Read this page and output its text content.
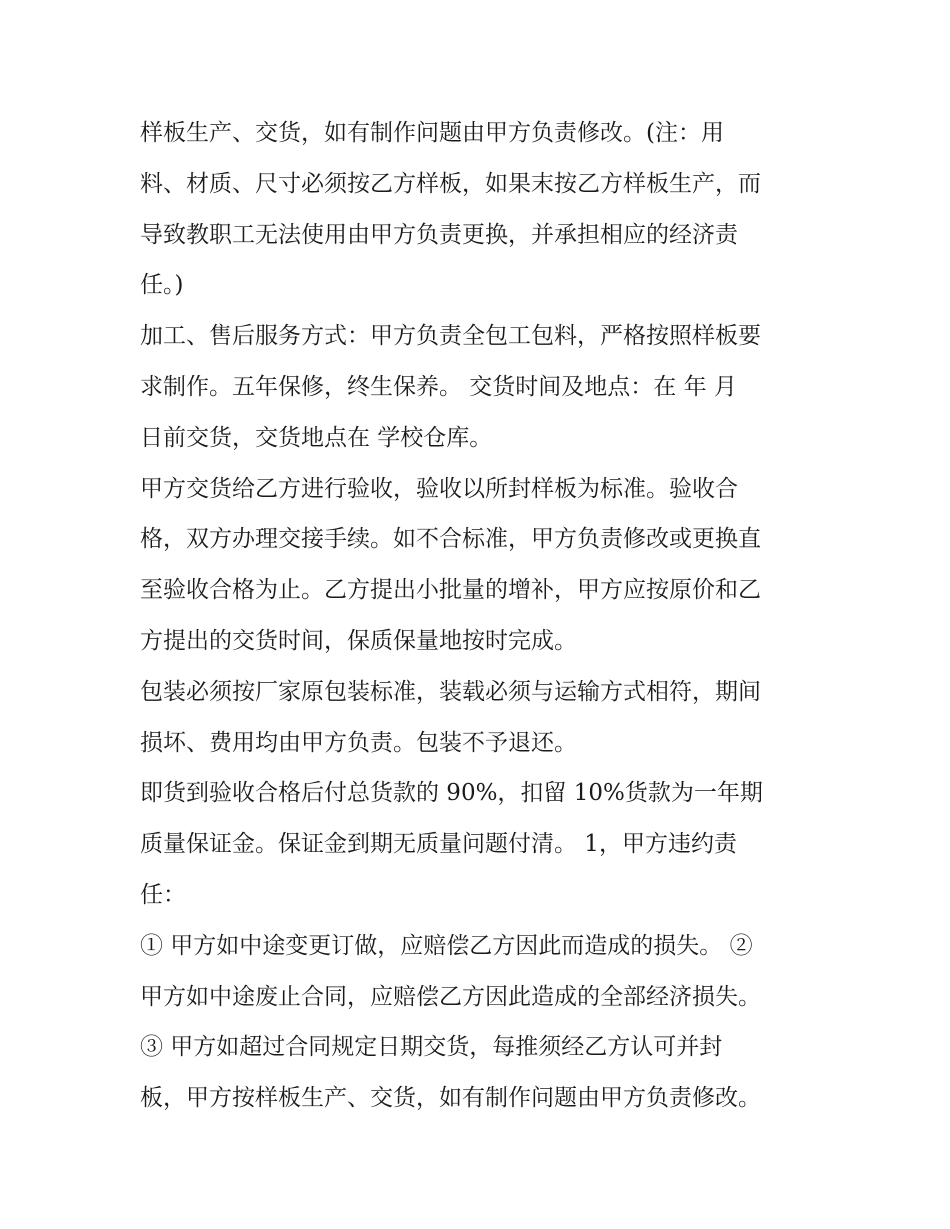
样板生产、交货，如有制作问题由甲方负责修改。(注：用
料、材质、尺寸必须按乙方样板，如果末按乙方样板生产，而
导致教职工无法使用由甲方负责更换，并承担相应的经济责
任。)
加工、售后服务方式：甲方负责全包工包料，严格按照样板要
求制作。五年保修，终生保养。 交货时间及地点：在 年 月
日前交货，交货地点在 学校仓库。
甲方交货给乙方进行验收，验收以所封样板为标准。验收合
格，双方办理交接手续。如不合标准，甲方负责修改或更换直
至验收合格为止。乙方提出小批量的增补，甲方应按原价和乙
方提出的交货时间，保质保量地按时完成。
包装必须按厂家原包装标准，装载必须与运输方式相符，期间
损坏、费用均由甲方负责。包装不予退还。
即货到验收合格后付总货款的 90%，扣留 10%货款为一年期
质量保证金。保证金到期无质量问题付清。 1，甲方违约责
任：
① 甲方如中途变更订做，应赔偿乙方因此而造成的损失。 ②
甲方如中途废止合同，应赔偿乙方因此造成的全部经济损失。
③ 甲方如超过合同规定日期交货，每推须经乙方认可并封
板，甲方按样板生产、交货，如有制作问题由甲方负责修改。
